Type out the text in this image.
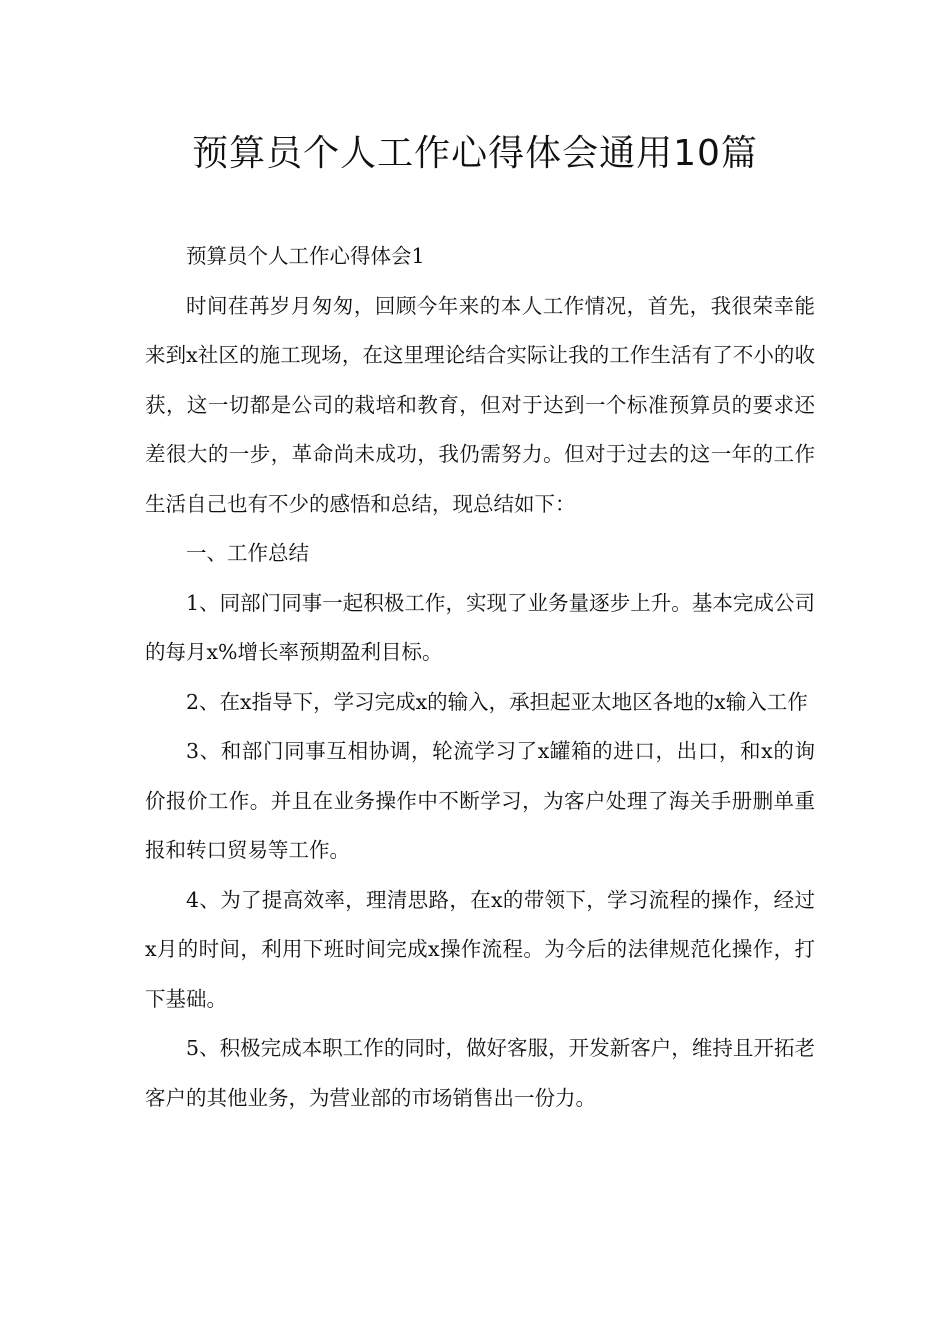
预算员个人工作心得体会通用10篇

预算员个人工作心得体会1

时间荏苒岁月匆匆，回顾今年来的本人工作情况，首先，我很荣幸能来到x社区的施工现场，在这里理论结合实际让我的工作生活有了不小的收获，这一切都是公司的栽培和教育，但对于达到一个标准预算员的要求还差很大的一步，革命尚未成功，我仍需努力。但对于过去的这一年的工作生活自己也有不少的感悟和总结，现总结如下：

一、工作总结

1、同部门同事一起积极工作，实现了业务量逐步上升。基本完成公司的每月x%增长率预期盈利目标。

2、在x指导下，学习完成x的输入，承担起亚太地区各地的x输入工作

3、和部门同事互相协调，轮流学习了x罐箱的进口，出口，和x的询价报价工作。并且在业务操作中不断学习，为客户处理了海关手册删单重报和转口贸易等工作。

4、为了提高效率，理清思路，在x的带领下，学习流程的操作，经过x月的时间，利用下班时间完成x操作流程。为今后的法律规范化操作，打下基础。

5、积极完成本职工作的同时，做好客服，开发新客户，维持且开拓老客户的其他业务，为营业部的市场销售出一份力。
